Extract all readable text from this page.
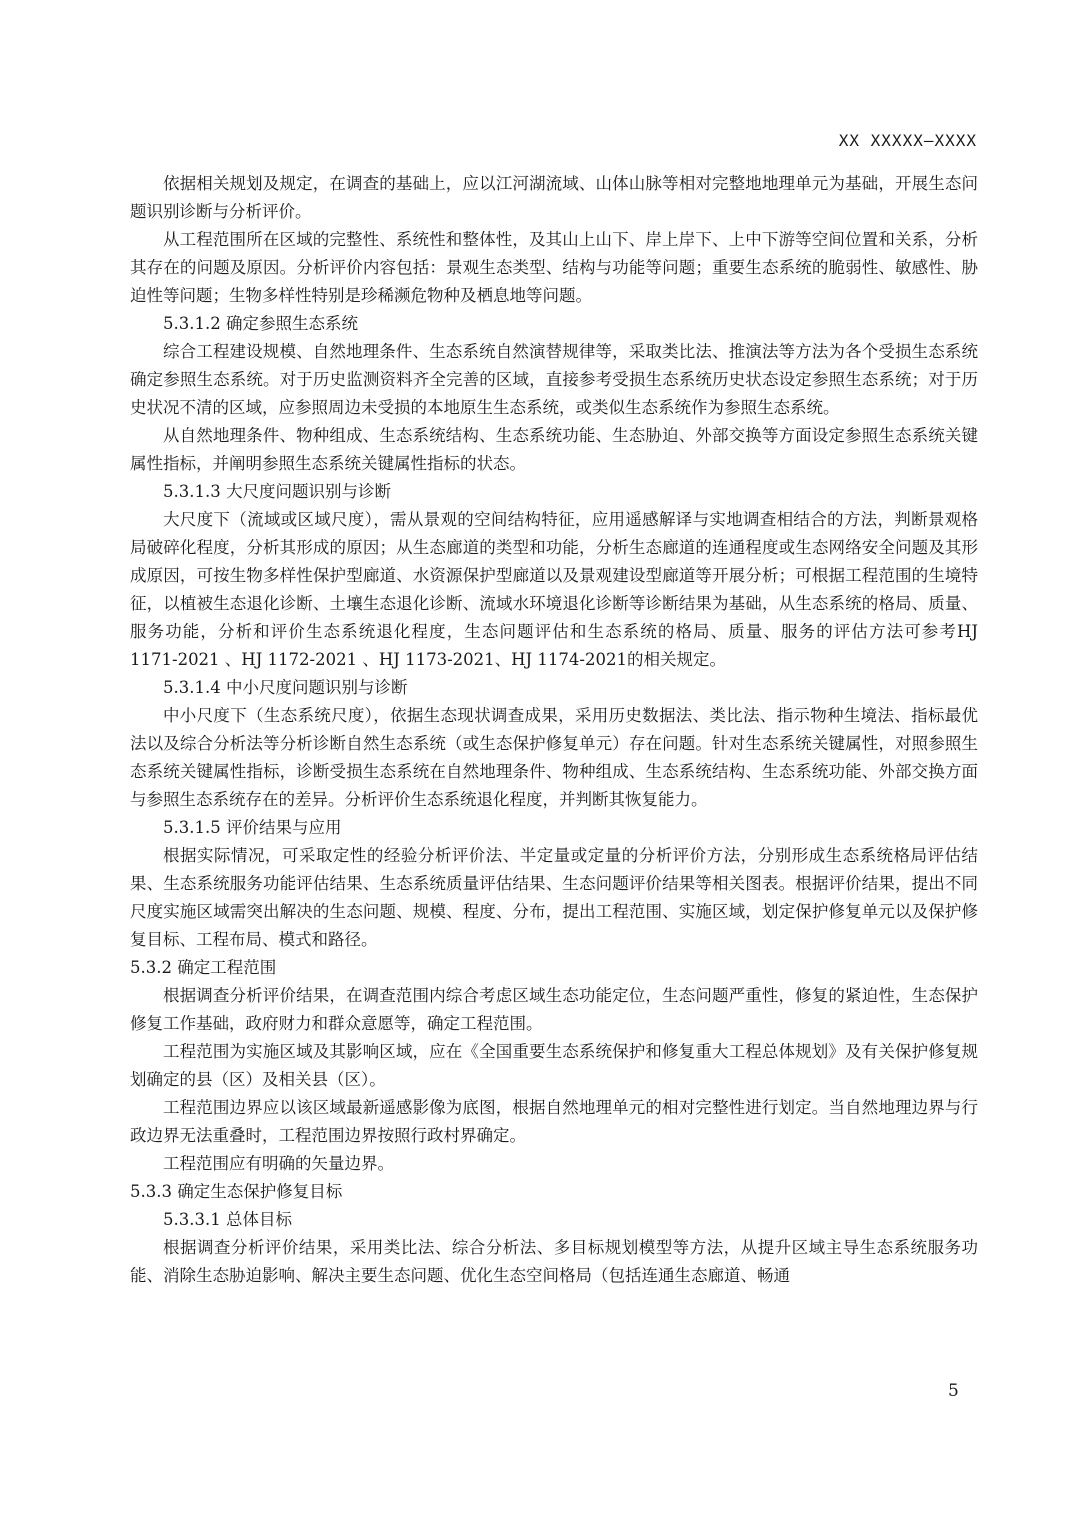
XX XXXXX—XXXX

依据相关规划及规定，在调查的基础上，应以江河湖流域、山体山脉等相对完整地地理单元为基础，开展生态问题识别诊断与分析评价。

从工程范围所在区域的完整性、系统性和整体性，及其山上山下、岸上岸下、上中下游等空间位置和关系，分析其存在的问题及原因。分析评价内容包括：景观生态类型、结构与功能等问题；重要生态系统的脆弱性、敏感性、胁迫性等问题；生物多样性特别是珍稀濒危物种及栖息地等问题。

5.3.1.2 确定参照生态系统

综合工程建设规模、自然地理条件、生态系统自然演替规律等，采取类比法、推演法等方法为各个受损生态系统确定参照生态系统。对于历史监测资料齐全完善的区域，直接参考受损生态系统历史状态设定参照生态系统；对于历史状况不清的区域，应参照周边未受损的本地原生生态系统，或类似生态系统作为参照生态系统。

从自然地理条件、物种组成、生态系统结构、生态系统功能、生态胁迫、外部交换等方面设定参照生态系统关键属性指标，并阐明参照生态系统关键属性指标的状态。

5.3.1.3 大尺度问题识别与诊断

大尺度下（流域或区域尺度），需从景观的空间结构特征，应用遥感解译与实地调查相结合的方法，判断景观格局破碎化程度，分析其形成的原因；从生态廊道的类型和功能，分析生态廊道的连通程度或生态网络安全问题及其形成原因，可按生物多样性保护型廊道、水资源保护型廊道以及景观建设型廊道等开展分析；可根据工程范围的生境特征，以植被生态退化诊断、土壤生态退化诊断、流域水环境退化诊断等诊断结果为基础，从生态系统的格局、质量、服务功能，分析和评价生态系统退化程度，生态问题评估和生态系统的格局、质量、服务的评估方法可参考HJ 1171-2021 、HJ 1172-2021 、HJ 1173-2021、HJ 1174-2021的相关规定。

5.3.1.4 中小尺度问题识别与诊断

中小尺度下（生态系统尺度），依据生态现状调查成果，采用历史数据法、类比法、指示物种生境法、指标最优法以及综合分析法等分析诊断自然生态系统（或生态保护修复单元）存在问题。针对生态系统关键属性，对照参照生态系统关键属性指标，诊断受损生态系统在自然地理条件、物种组成、生态系统结构、生态系统功能、外部交换方面与参照生态系统存在的差异。分析评价生态系统退化程度，并判断其恢复能力。

5.3.1.5 评价结果与应用

根据实际情况，可采取定性的经验分析评价法、半定量或定量的分析评价方法，分别形成生态系统格局评估结果、生态系统服务功能评估结果、生态系统质量评估结果、生态问题评价结果等相关图表。根据评价结果，提出不同尺度实施区域需突出解决的生态问题、规模、程度、分布，提出工程范围、实施区域，划定保护修复单元以及保护修复目标、工程布局、模式和路径。

5.3.2 确定工程范围

根据调查分析评价结果，在调查范围内综合考虑区域生态功能定位，生态问题严重性，修复的紧迫性，生态保护修复工作基础，政府财力和群众意愿等，确定工程范围。

工程范围为实施区域及其影响区域，应在《全国重要生态系统保护和修复重大工程总体规划》及有关保护修复规划确定的县（区）及相关县（区）。

工程范围边界应以该区域最新遥感影像为底图，根据自然地理单元的相对完整性进行划定。当自然地理边界与行政边界无法重叠时，工程范围边界按照行政村界确定。

工程范围应有明确的矢量边界。

5.3.3 确定生态保护修复目标

5.3.3.1 总体目标

根据调查分析评价结果，采用类比法、综合分析法、多目标规划模型等方法，从提升区域主导生态系统服务功能、消除生态胁迫影响、解决主要生态问题、优化生态空间格局（包括连通生态廊道、畅通

5
